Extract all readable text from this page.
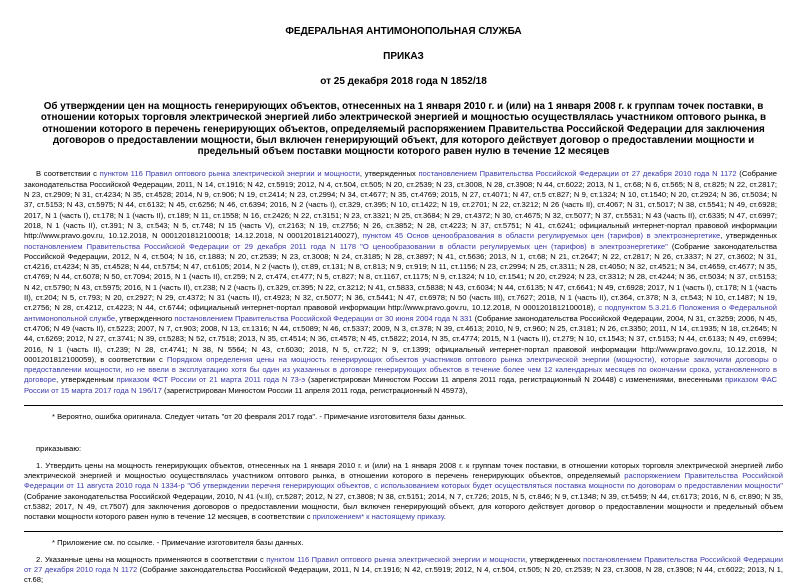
ФЕДЕРАЛЬНАЯ АНТИМОНОПОЛЬНАЯ СЛУЖБА
ПРИКАЗ
от 25 декабря 2018 года N 1852/18
Об утверждении цен на мощность генерирующих объектов, отнесенных на 1 января 2010 г. и (или) на 1 января 2008 г. к группам точек поставки, в отношении которых торговля электрической энергией либо электрической энергией и мощностью осуществлялась участником оптового рынка, в отношении которого в перечень генерирующих объектов, определяемый распоряжением Правительства Российской Федерации для заключения договоров о предоставлении мощности, был включен генерирующий объект, для которого действует договор о предоставлении мощности и предельный объем поставки мощности которого равен нулю в течение 12 месяцев

В соответствии с пунктом 116 Правил оптового рынка электрической энергии и мощности, утвержденных постановлением Правительства Российской Федерации от 27 декабря 2010 года N 1172 (Собрание законодательства Российской Федерации, 2011, N 14, ст.1916; N 42, ст.5919; 2012, N 4, ст.504, ст.505; N 20, ст.2539; N 23, ст.3008, N 28, ст.3908; N 44, ст.6022; 2013, N 1, ст.68; N 6, ст.565; N 8, ст.825; N 22, ст.2817; N 23, ст.2909; N 31, ст.4234; N 35, ст.4528; 2014, N 9, ст.906; N 19, ст.2414; N 23, ст.2994; N 34, ст.4677; N 35, ст.4769; 2015, N 27, ст.4071; N 47, ст.5 ст.827; N 9, ст.1324; N 10, ст.1540; N 20, ст.2924; N 36, ст.5034; N 37, ст.5153; N 43, ст.5975; N 44, ст.6132; N 45, ст.6256; N 46, ст.6394; 2016, N 2 (часть I), ст.329, ст.395; N 10, ст.1422; N 19, ст.2701; N 22, ст.3212; N 26 (часть II), ст.4067; N 31, ст.5017; N 38, ст.5541; N 49, ст.6928; 2017, N 1 (часть I), ст.178; N 1 (часть II), ст.189; N 11, ст.1558; N 16, ст.2426; N 22, ст.3151; N 23, ст.3321; N 25, ст.3684; N 29, ст.4372; N 30, ст.4675; N 32, ст.5077; N 37, ст.5531; N 43 (часть II), ст.6335; N 47, ст.6997; 2018, N 1 (часть II), ст.391; N 3, ст.543; N 5, ст.748; N 15 (часть V), ст.2163; N 19, ст.2756; N 26, ст.3852; N 28, ст.4223; N 37, ст.5751; N 41, ст.6241; официальный интернет-портал правовой информации http://www.pravo.gov.ru, 10.12.2018, N 0001201812100018; 14.12.2018, N 0001201812140027), пунктом 45 Основ ценообразования в области регулируемых цен (тарифов) в электроэнергетике, утвержденных постановлением Правительства Российской Федерации от 29 декабря 2011 года N 1178 "О ценообразовании в области регулируемых цен (тарифов) в электроэнергетике" (Собрание законодательства Российской Федерации, 2012, N 4, ст.504; N 16, ст.1883; N 20, ст.2539; N 23, ст.3008; N 24, ст.3185; N 28, ст.3897; N 41, ст.5636; 2013, N 1, ст.68; N 21, ст.2647; N 22, ст.2817; N 26, ст.3337; N 27, ст.3602; N 31, ст.4216, ст.4234; N 35, ст.4528; N 44, ст.5754; N 47, ст.6105; 2014, N 2 (часть I), ст.89, ст.131; N 8, ст.813; N 9, ст.919; N 11, ст.1156; N 23, ст.2994; N 25, ст.3311; N 28, ст.4050; N 32, ст.4521; N 34, ст.4659, ст.4677; N 35, ст.4769; N 44, ст.6078; N 50, ст.7094; 2015, N 1 (часть II), ст.259; N 2, ст.474, ст.477; N 5, ст.827; N 8, ст.1167, ст.1175; N 9, ст.1324; N 10, ст.1541; N 20, ст.2924; N 23, ст.3312; N 28, ст.4244; N 36, ст.5034; N 37, ст.5153; N 42, ст.5790; N 43, ст.5975; 2016, N 1 (часть II), ст.238; N 2 (часть I), ст.329, ст.395; N 22, ст.3212; N 41, ст.5833, ст.5838; N 43, ст.6034; N 44, ст.6135; N 47, ст.6641; N 49, ст.6928; 2017, N 1 (часть I), ст.178; N 1 (часть II), ст.204; N 5, ст.793; N 20, ст.2927; N 29, ст.4372; N 31 (часть II), ст.4923; N 32, ст.5077; N 36, ст.5441; N 47, ст.6978; N 50 (часть III), ст.7627; 2018, N 1 (часть II), ст.364, ст.378; N 3, ст.543; N 10, ст.1487; N 19, ст.2756; N 28, ст.4212, ст.4223; N 44, ст.6744; официальный интернет-портал правовой информации http://www.pravo.gov.ru, 10.12.2018, N 0001201812100018), с подпунктом 5.3.21.6 Положения о Федеральной антимонопольной службе, утвержденного постановлением Правительства Российской Федерации от 30 июня 2004 года N 331 (Собрание законодательства Российской Федерации, 2004, N 31, ст.3259; 2006, N 45, ст.4706; N 49 (часть II), ст.5223; 2007, N 7, ст.903; 2008, N 13, ст.1316; N 44, ст.5089; N 46, ст.5337; 2009, N 3, ст.378; N 39, ст.4613; 2010, N 9, ст.960; N 25, ст.3181; N 26, ст.3350; 2011, N 14, ст.1935; N 18, ст.2645; N 44, ст.6269; 2012, N 27, ст.3741; N 39, ст.5283; N 52, ст.7518; 2013, N 35, ст.4514; N 36, ст.4578; N 45, ст.5822; 2014, N 35, ст.4774; 2015, N 1 (часть II), ст.279; N 10, ст.1543; N 37, ст.5153; N 44, ст.6133; N 49, ст.6994; 2016, N 1 (часть II), ст.239; N 28, ст.4741; N 38, N 5564; N 43, ст.6030; 2018, N 5, ст.722; N 9, ст.1399; официальный интернет-портал правовой информации http://www.pravo.gov.ru, 10.12.2018, N 0001201812100059), в соответствии с Порядком определения цены на мощность генерирующих объектов участников оптового рынка электрической энергии (мощности), которые заключили договоры о предоставлении мощности, но не ввели в эксплуатацию хотя бы один из указанных в договоре генерирующих объектов в течение более чем 12 календарных месяцев по окончании срока, установленного в договоре, утвержденным приказом ФСТ России от 21 марта 2011 года N 73-э (зарегистрирован Минюстом России 11 апреля 2011 года, регистрационный N 20448) с изменениями, внесенными приказом ФАС России от 15 марта 2017 года N 196/17 (зарегистрирован Минюстом России 11 апреля 2011 года, регистрационный N 45973),

* Вероятно, ошибка оригинала. Следует читать "от 20 февраля 2017 года". - Примечание изготовителя базы данных.

приказываю:

1. Утвердить цены на мощность генерирующих объектов, отнесенных на 1 января 2010 г. и (или) на 1 января 2008 г. к группам точек поставки, в отношении которых торговля электрической энергией либо электрической энергией и мощностью осуществлялась участником оптового рынка, в отношении которого в перечень генерирующих объектов, определяемый распоряжением Правительства Российской Федерации от 11 августа 2010 года N 1334-р "Об утверждении перечня генерирующих объектов, с использованием которых будет осуществляться поставка мощности по договорам о предоставлении мощности" (Собрание законодательства Российской Федерации, 2010, N 41 (ч.II), ст.5287; 2012, N 27, ст.3808; N 38, ст.5151; 2014, N 7, ст.726; 2015, N 5, ст.846; N 9, ст.1348; N 39, ст.5459; N 44, ст.6173; 2016, N 6, ст.890; N 35, ст.5382; 2017, N 49, ст.7507) для заключения договоров о предоставлении мощности, был включен генерирующий объект, для которого действует договор о предоставлении мощности и предельный объем поставки мощности которого равен нулю в течение 12 месяцев, в соответствии с приложением* к настоящему приказу.

* Приложение см. по ссылке. - Примечание изготовителя базы данных.

2. Указанные цены на мощность применяются в соответствии с пунктом 116 Правил оптового рынка электрической энергии и мощности, утвержденных постановлением Правительства Российской Федерации от 27 декабря 2010 года N 1172 (Собрание законодательства Российской Федерации, 2011, N 14, ст.1916; N 42, ст.5919; 2012, N 4, ст.504, ст.505; N 20, ст.2539; N 23, ст.3008, N 28, ст.3908; N 44, ст.6022; 2013, N 1, ст.68;
